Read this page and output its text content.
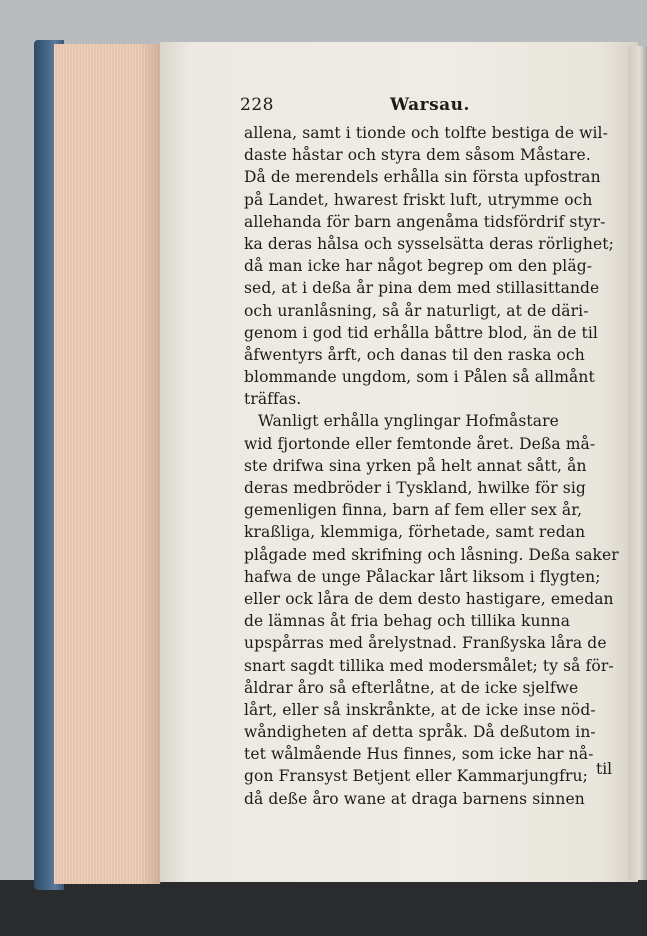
228	Warsau.
allena, samt i tionde och tolfte bestiga de wil-
daste håstar och styra dem såsom Måstare.
Då de merendels erhålla sin första upfostran
på Landet, hwarest friskt luft, utrymme och
allehanda för barn angenåma tidsfördrif styr-
ka deras hålsa och sysselsätta deras rörlighet;
då man icke har något begrep om den pläg-
sed, at i deßa år pina dem med stillasittande
och uranlåsning, så år naturligt, at de däri-
genom i god tid erhålla båttre blod, än de til
åfwentyrs årft, och danas til den raska och
blommande ungdom, som i Pålen så allmånt
träffas.
Wanligt erhålla ynglingar Hofmåstare
wid fjortonde eller femtonde året. Deßa må-
ste drifwa sina yrken på helt annat sått, ån
deras medbröder i Tyskland, hwilke för sig
gemenligen finna, barn af fem eller sex år,
kraßliga, klemmiga, förhetade, samt redan
plågade med skrifning och låsning. Deßa saker
hafwa de unge Pålackar lårt liksom i flygten;
eller ock låra de dem desto hastigare, emedan
de lämnas åt fria behag och tillika kunna
upspårras med årelystnad. Franßyska låra de
snart sagdt tillika med modersmålet; ty så för-
åldrar åro så efterlåtne, at de icke sjelfwe
lårt, eller så inskrånkte, at de icke inse nöd-
wåndigheten af detta språk. Då deßutom in-
tet wålmående Hus finnes, som icke har nå-
gon Fransyst Betjent eller Kammarjungfru;
då deße åro wane at draga barnens sinnen
til
